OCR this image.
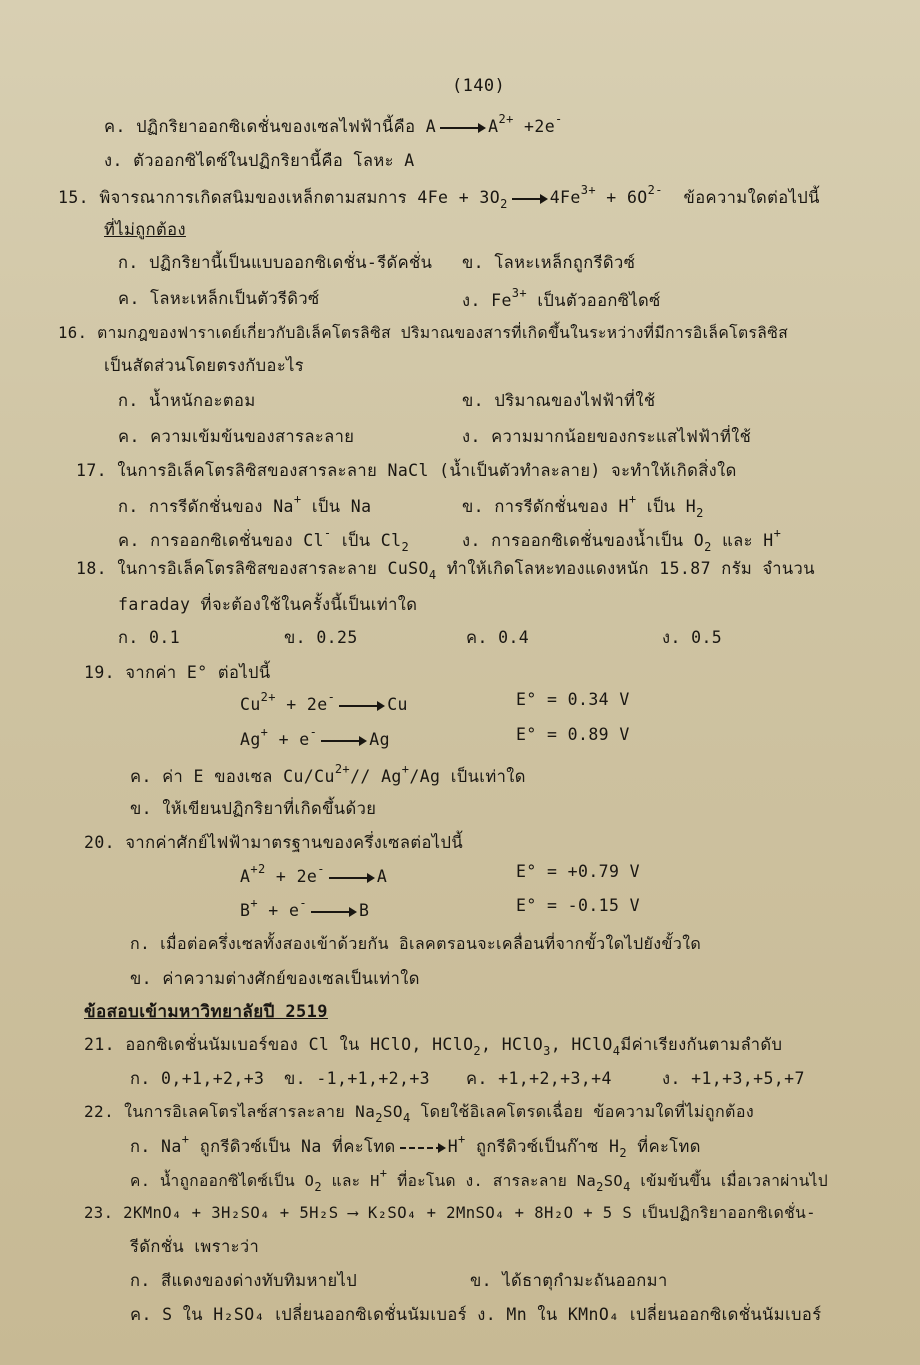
(140)
ค. ปฏิกริยาออกซิเดชั่นของเซลไฟฟ้านี้คือ $A \to A^{2+} +2e^-$
ง. ตัวออกซิไดซ์ในปฏิกริยานี้คือ โลหะ A
15. พิจารณาการเกิดสนิมของเหล็กตามสมการ $4Fe + 3O_2 \to 4Fe^{3+} + 6O^{2-}$ ข้อความใดต่อไปนี้
ที่ไม่ถูกต้อง
ก. ปฏิกริยานี้เป็นแบบออกซิเดชั่น-รีดัคชั่น ข. โลหะเหล็กถูกรีดิวซ์
ค. โลหะเหล็กเป็นตัวรีดิวซ์	ง. $Fe^{3+}$ เป็นตัวออกซิไดซ์
16. ตามกฎของฟาราเดย์เกี่ยวกับอิเล็คโตรลิซิส ปริมาณของสารที่เกิดขึ้นในระหว่างที่มีการอิเล็คโตรลิซิส
เป็นสัดส่วนโดยตรงกับอะไร
ก. น้ำหนักอะตอม	ข. ปริมาณของไฟฟ้าที่ใช้
ค. ความเข้มข้นของสารละลาย	ง. ความมากน้อยของกระแสไฟฟ้าที่ใช้
17. ในการอิเล็คโตรลิซิสของสารละลาย NaCl (น้ำเป็นตัวทำละลาย) จะทำให้เกิดสิ่งใด
ก. การรีดักชั่นของ Na+ เป็น Na	ข. การรีดักชั่นของ H+ เป็น $H_2$
ค. การออกซิเดชั่นของ Cl- เป็น $Cl_2$	ง. การออกซิเดชั่นของน้ำเป็น $O_2$ และ H+
18. ในการอิเล็คโตรลิซิสของสารละลาย CuSO$_4$ ทำให้เกิดโลหะทองแดงหนัก 15.87 กรัม จำนวน
faraday ที่จะต้องใช้ในครั้งนี้เป็นเท่าใด
ก. 0.1	ข. 0.25	ค. 0.4	ง. 0.5
19. จากค่า E° ต่อไปนี้
$Cu^{2+} + 2e^- \to Cu$	E° = 0.34 V
Ag+ + e- → Ag	E° = 0.89 V
ค. ค่า E ของเซล $Cu/Cu^{2+}//$ Ag+/Ag เป็นเท่าใด
ข. ให้เขียนปฏิกริยาที่เกิดขึ้นด้วย
20. จากค่าศักย์ไฟฟ้ามาตรฐานของครึ่งเซลต่อไปนี้
$A^{+2} + 2e^- \to A$	E° = +0.79 V
B+ + e- → B	E° = -0.15 V
ก. เมื่อต่อครึ่งเซลทั้งสองเข้าด้วยกัน อิเลคตรอนจะเคลื่อนที่จากขั้วใดไปยังขั้วใด
ข. ค่าความต่างศักย์ของเซลเป็นเท่าใด
ข้อสอบเข้ามหาวิทยาลัยปี 2519
21. ออกซิเดชั่นนัมเบอร์ของ Cl ใน HClO, HClO$_2$, HClO$_3$, HClO$_4$มีค่าเรียงกันตามลำดับ
ก. 0,+1,+2,+3 ข. -1,+1,+2,+3 ค. +1,+2,+3,+4	ง. +1,+3,+5,+7
22. ในการอิเลคโตรไลซ์สารละลาย $Na_2SO_4$ โดยใช้อิเลคโตรดเฉื่อย ข้อความใดที่ไม่ถูกต้อง
ก. Na+ ถูกรีดิวซ์เป็น Na ที่คะโทด	H+ ถูกรีดิวซ์เป็นก๊าซ $H_2$ ที่คะโทด
ค. น้ำถูกออกซิไดซ์เป็น $O_2$ และ H+ ที่อะโนด ง. สารละลาย $Na_2SO_4$ เข้มข้นขึ้น เมื่อเวลาผ่านไป
23. 2KMnO₄ + 3H₂SO₄ + 5H₂S ⟶ K₂SO₄ + 2MnSO₄ + 8H₂O + 5 S เป็นปฏิกริยาออกซิเดชั่น-
รีดักชั่น เพราะว่า
ก. สีแดงของด่างทับทิมหายไป	ข. ได้ธาตุกำมะถันออกมา
ค. S ใน H₂SO₄ เปลี่ยนออกซิเดชั่นนัมเบอร์ ง. Mn ใน KMnO₄ เปลี่ยนออกซิเดชั่นนัมเบอร์
